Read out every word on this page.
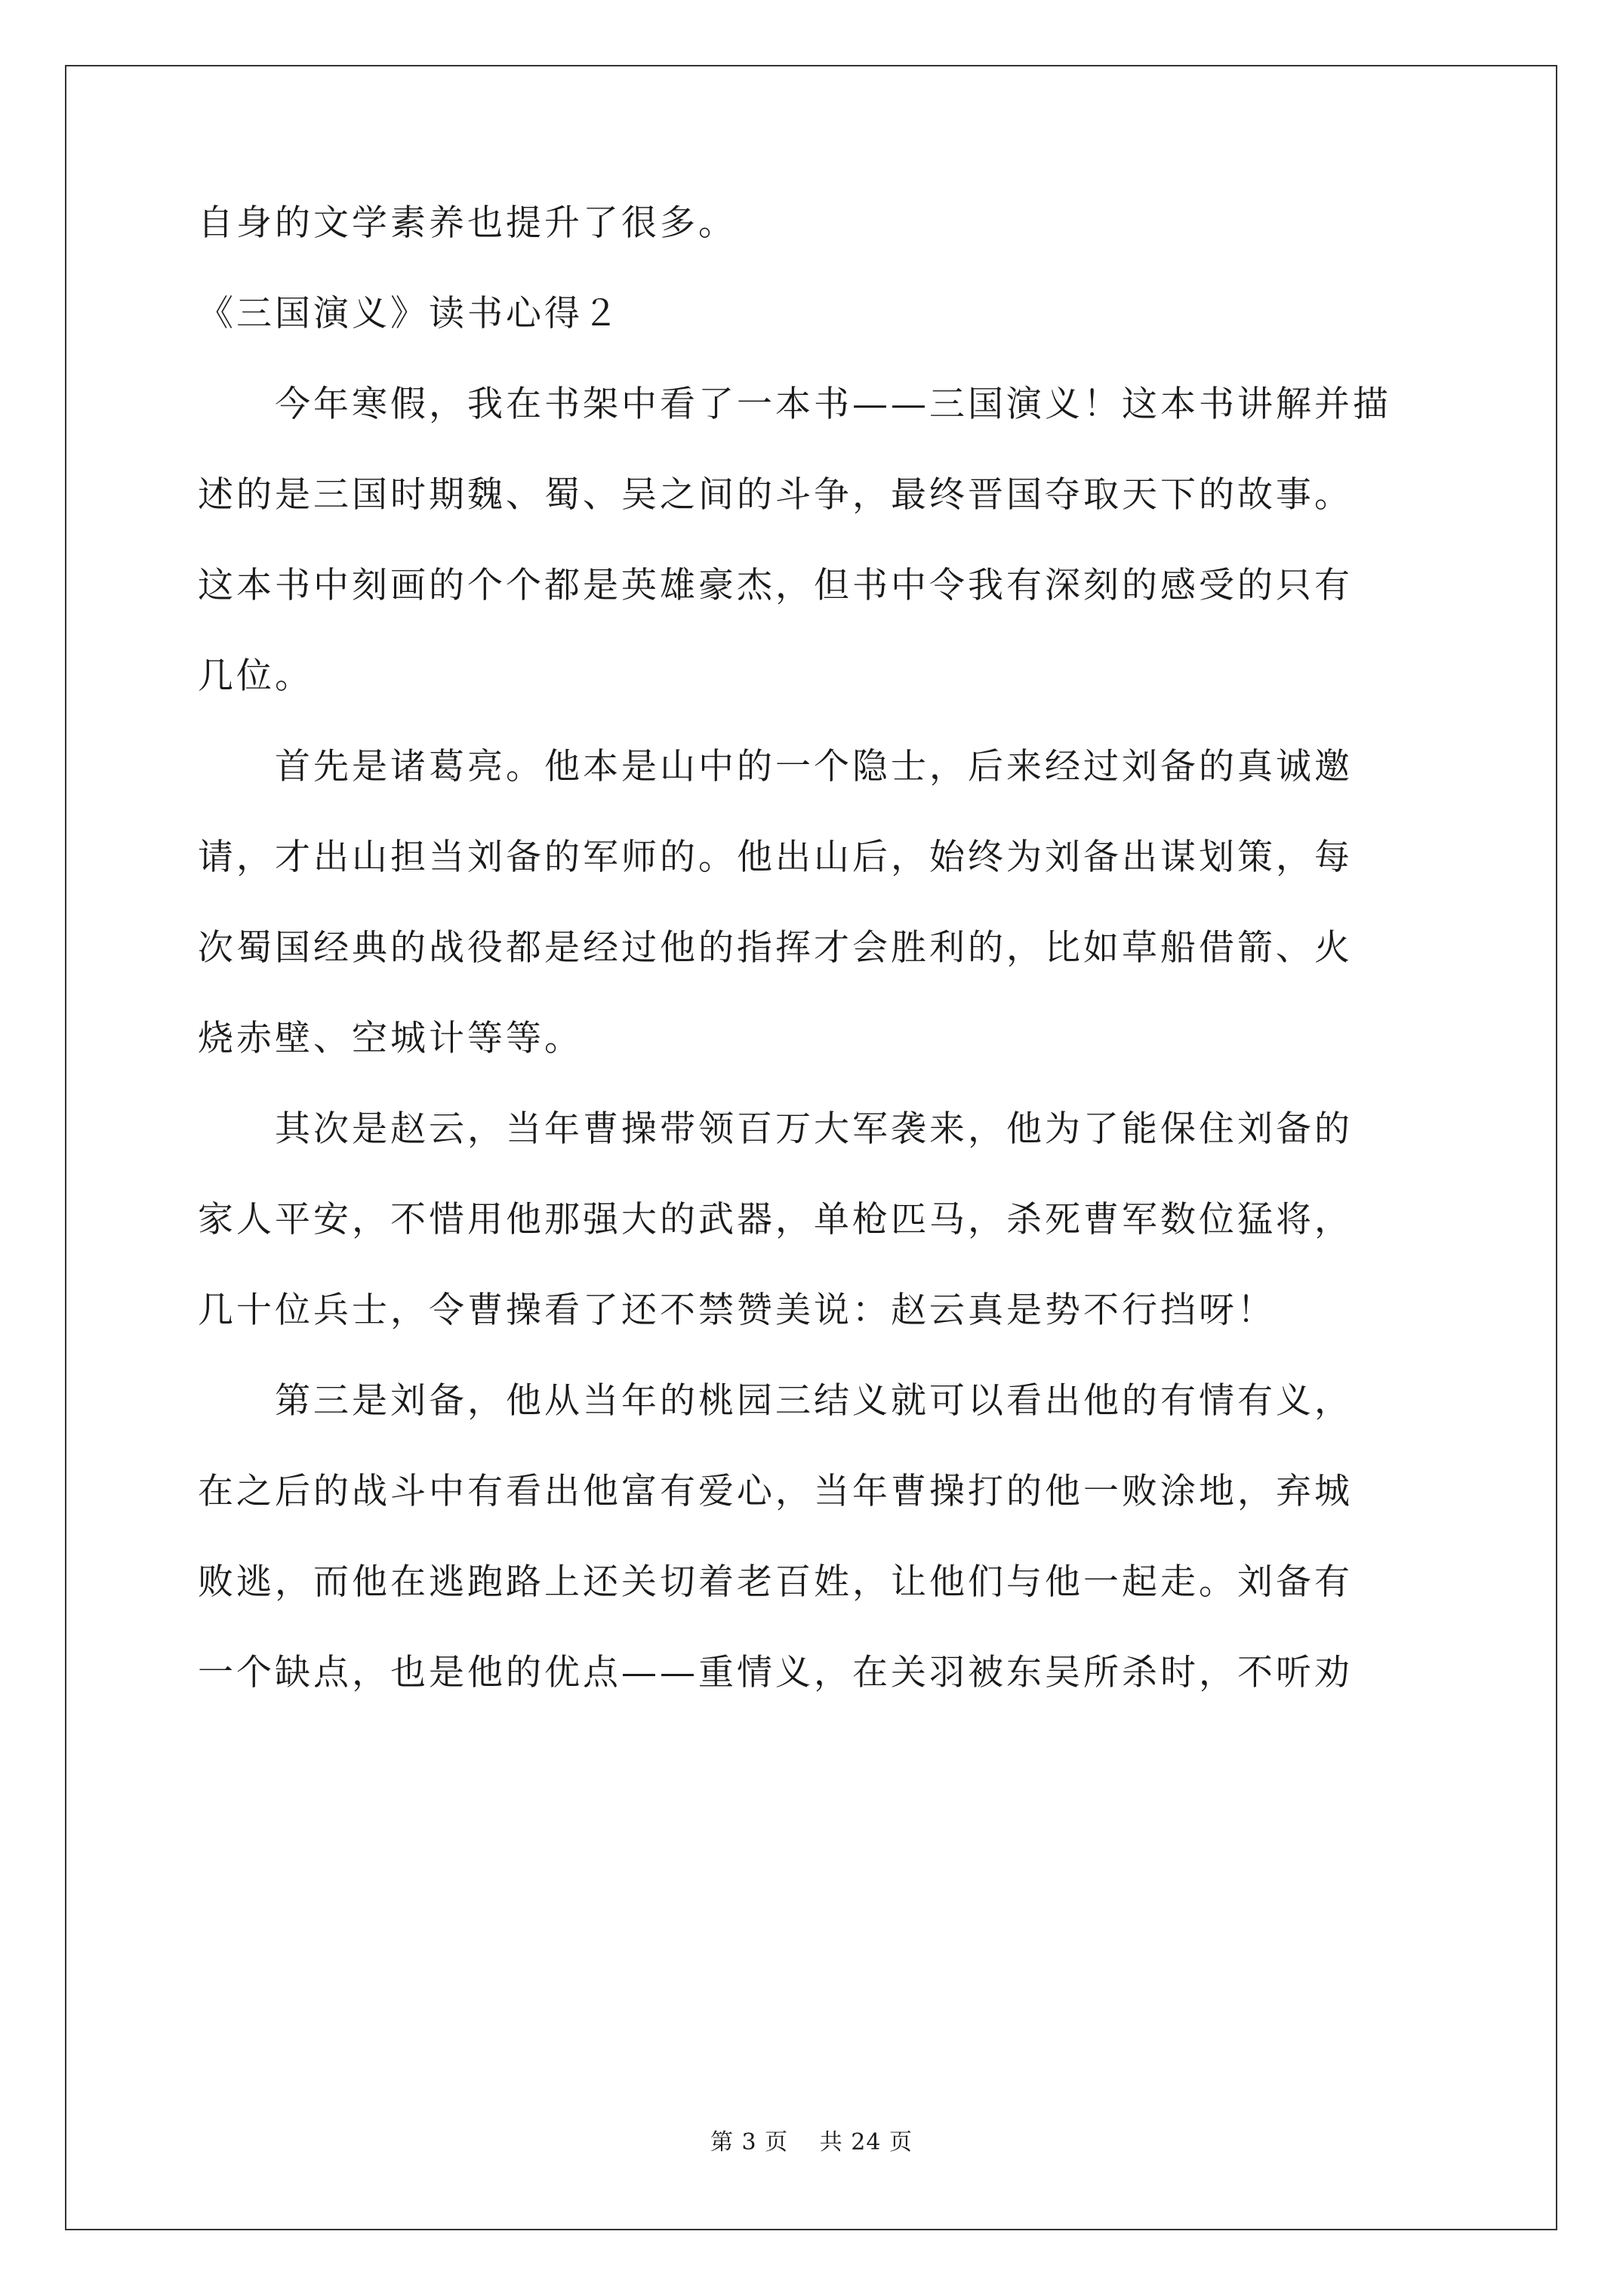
自身的文学素养也提升了很多。
《三国演义》读书心得２
　　今年寒假，我在书架中看了一本书——三国演义！这本书讲解并描
述的是三国时期魏、蜀、吴之间的斗争，最终晋国夺取天下的故事。
这本书中刻画的个个都是英雄豪杰，但书中令我有深刻的感受的只有
几位。
　　首先是诸葛亮。他本是山中的一个隐士，后来经过刘备的真诚邀
请，才出山担当刘备的军师的。他出山后，始终为刘备出谋划策，每
次蜀国经典的战役都是经过他的指挥才会胜利的，比如草船借箭、火
烧赤壁、空城计等等。
　　其次是赵云，当年曹操带领百万大军袭来，他为了能保住刘备的
家人平安，不惜用他那强大的武器，单枪匹马，杀死曹军数位猛将，
几十位兵士，令曹操看了还不禁赞美说：赵云真是势不行挡呀！
　　第三是刘备，他从当年的桃园三结义就可以看出他的有情有义，
在之后的战斗中有看出他富有爱心，当年曹操打的他一败涂地，弃城
败逃，而他在逃跑路上还关切着老百姓，让他们与他一起走。刘备有
一个缺点，也是他的优点——重情义，在关羽被东吴所杀时，不听劝
第 3 页　 共 24 页
